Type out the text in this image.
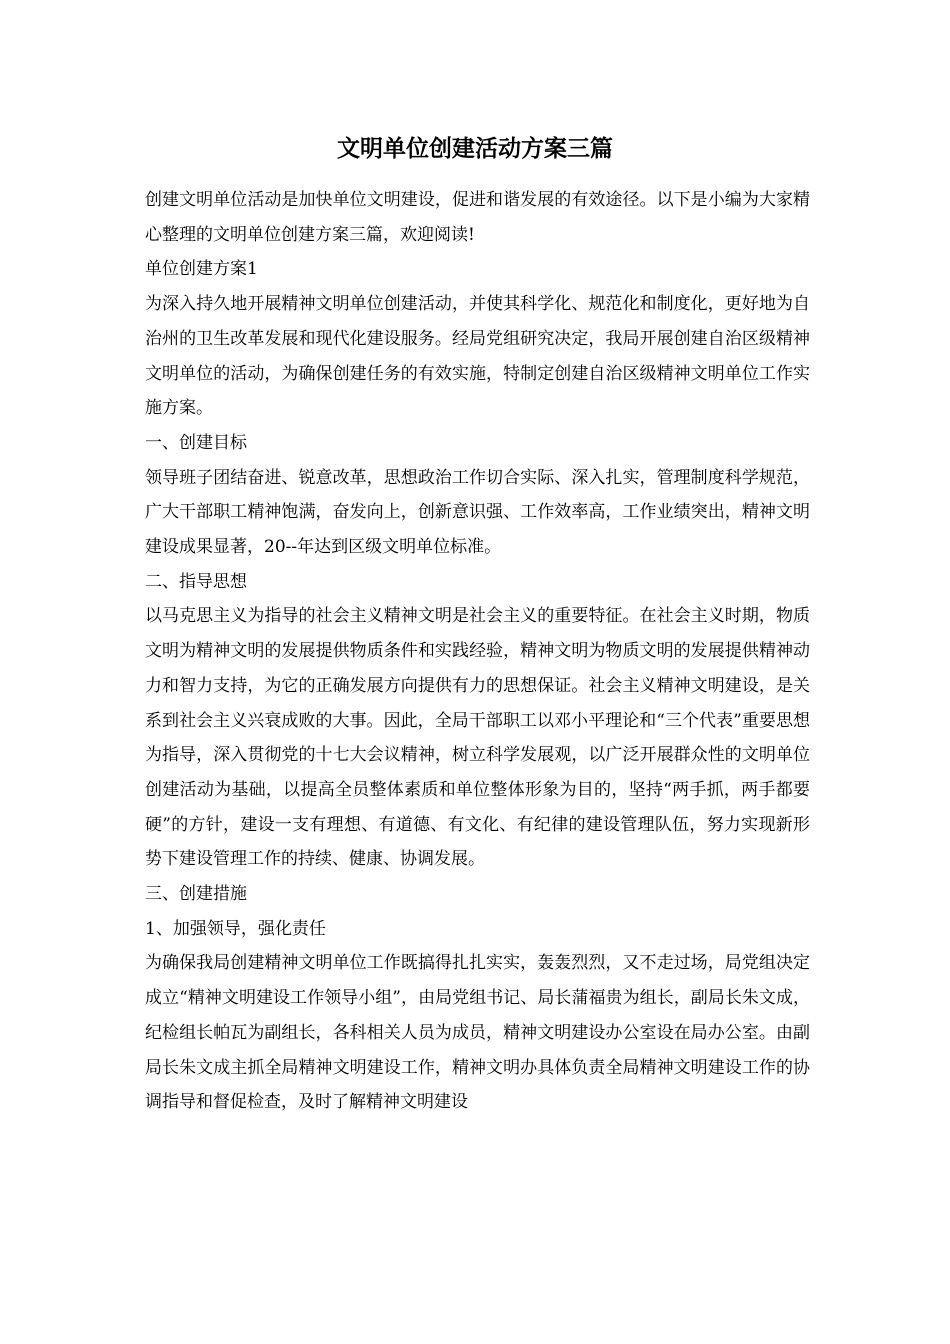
文明单位创建活动方案三篇

创建文明单位活动是加快单位文明建设，促进和谐发展的有效途径。以下是小编为大家精心整理的文明单位创建方案三篇，欢迎阅读!

单位创建方案1

为深入持久地开展精神文明单位创建活动，并使其科学化、规范化和制度化，更好地为自治州的卫生改革发展和现代化建设服务。经局党组研究决定，我局开展创建自治区级精神文明单位的活动，为确保创建任务的有效实施，特制定创建自治区级精神文明单位工作实施方案。

一、创建目标

领导班子团结奋进、锐意改革，思想政治工作切合实际、深入扎实，管理制度科学规范，广大干部职工精神饱满，奋发向上，创新意识强、工作效率高，工作业绩突出，精神文明建设成果显著，20--年达到区级文明单位标准。

二、指导思想

以马克思主义为指导的社会主义精神文明是社会主义的重要特征。在社会主义时期，物质文明为精神文明的发展提供物质条件和实践经验，精神文明为物质文明的发展提供精神动力和智力支持，为它的正确发展方向提供有力的思想保证。社会主义精神文明建设，是关系到社会主义兴衰成败的大事。因此，全局干部职工以邓小平理论和“三个代表”重要思想为指导，深入贯彻党的十七大会议精神，树立科学发展观，以广泛开展群众性的文明单位创建活动为基础，以提高全员整体素质和单位整体形象为目的，坚持“两手抓，两手都要硬”的方针，建设一支有理想、有道德、有文化、有纪律的建设管理队伍，努力实现新形势下建设管理工作的持续、健康、协调发展。

三、创建措施

1、加强领导，强化责任

为确保我局创建精神文明单位工作既搞得扎扎实实，轰轰烈烈，又不走过场，局党组决定成立“精神文明建设工作领导小组”，由局党组书记、局长蒲福贵为组长，副局长朱文成，纪检组长帕瓦为副组长，各科相关人员为成员，精神文明建设办公室设在局办公室。由副局长朱文成主抓全局精神文明建设工作，精神文明办具体负责全局精神文明建设工作的协调指导和督促检查，及时了解精神文明建设
